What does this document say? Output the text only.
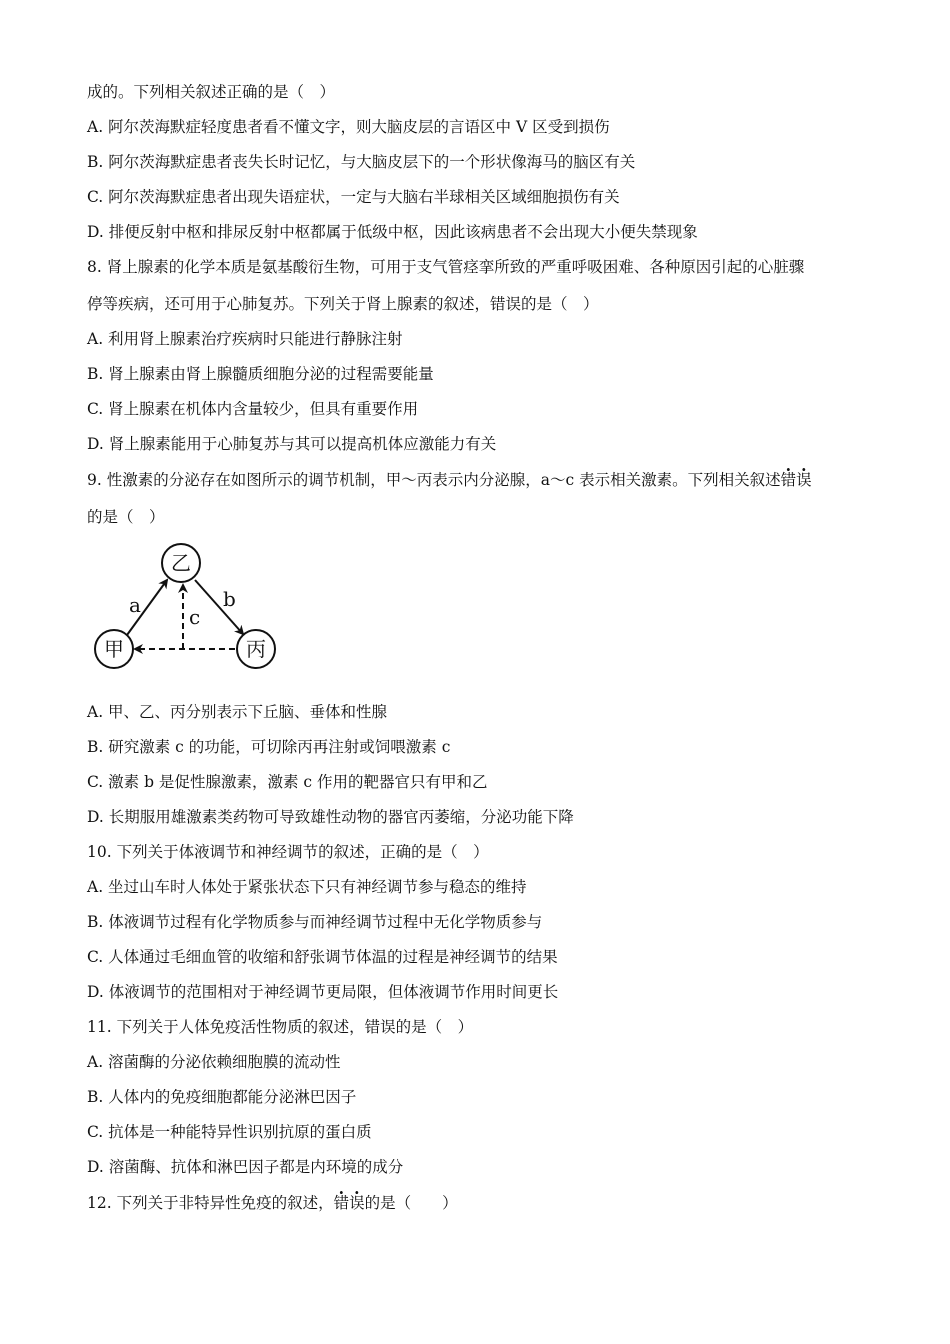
成的。下列相关叙述正确的是（　）
A. 阿尔茨海默症轻度患者看不懂文字，则大脑皮层的言语区中 V 区受到损伤
B. 阿尔茨海默症患者丧失长时记忆，与大脑皮层下的一个形状像海马的脑区有关
C. 阿尔茨海默症患者出现失语症状，一定与大脑右半球相关区域细胞损伤有关
D. 排便反射中枢和排尿反射中枢都属于低级中枢，因此该病患者不会出现大小便失禁现象
8. 肾上腺素的化学本质是氨基酸衍生物，可用于支气管痉挛所致的严重呼吸困难、各种原因引起的心脏骤
停等疾病，还可用于心肺复苏。下列关于肾上腺素的叙述，错误的是（　）
A. 利用肾上腺素治疗疾病时只能进行静脉注射
B. 肾上腺素由肾上腺髓质细胞分泌的过程需要能量
C. 肾上腺素在机体内含量较少，但具有重要作用
D. 肾上腺素能用于心肺复苏与其可以提高机体应激能力有关
9. 性激素的分泌存在如图所示的调节机制，甲～丙表示内分泌腺，a～c 表示相关激素。下列相关叙述错误
的是（　）
乙
甲	丙
a	b
c
A. 甲、乙、丙分别表示下丘脑、垂体和性腺
B. 研究激素 c 的功能，可切除丙再注射或饲喂激素 c
C. 激素 b 是促性腺激素，激素 c 作用的靶器官只有甲和乙
D. 长期服用雄激素类药物可导致雄性动物的器官丙萎缩，分泌功能下降
10. 下列关于体液调节和神经调节的叙述，正确的是（　）
A. 坐过山车时人体处于紧张状态下只有神经调节参与稳态的维持
B. 体液调节过程有化学物质参与而神经调节过程中无化学物质参与
C. 人体通过毛细血管的收缩和舒张调节体温的过程是神经调节的结果
D. 体液调节的范围相对于神经调节更局限，但体液调节作用时间更长
11. 下列关于人体免疫活性物质的叙述，错误的是（　）
A. 溶菌酶的分泌依赖细胞膜的流动性
B. 人体内的免疫细胞都能分泌淋巴因子
C. 抗体是一种能特异性识别抗原的蛋白质
D. 溶菌酶、抗体和淋巴因子都是内环境的成分
12. 下列关于非特异性免疫的叙述，错误的是（　　）
